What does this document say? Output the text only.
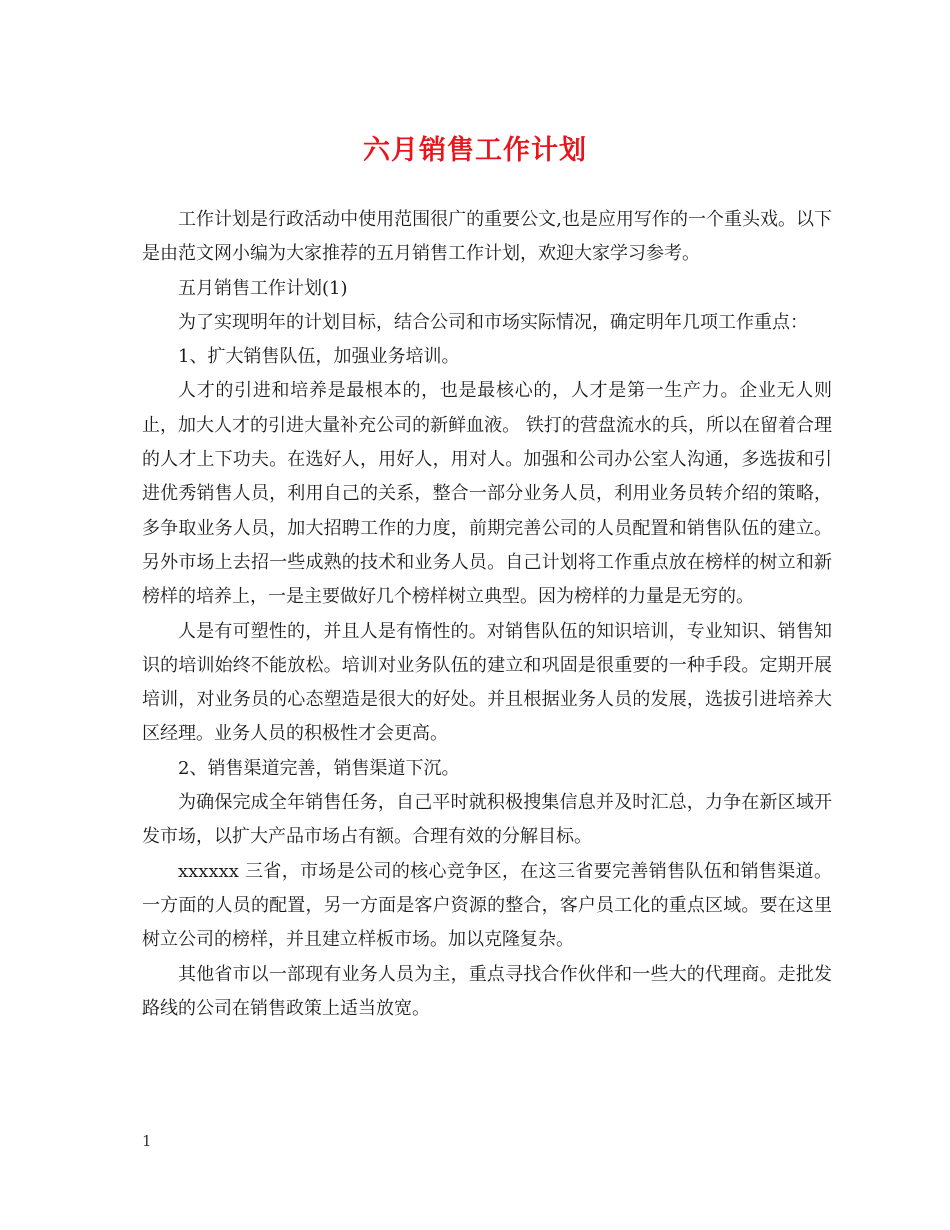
六月销售工作计划

工作计划是行政活动中使用范围很广的重要公文,也是应用写作的一个重头戏。以下是由范文网小编为大家推荐的五月销售工作计划，欢迎大家学习参考。

五月销售工作计划(1)

为了实现明年的计划目标，结合公司和市场实际情况，确定明年几项工作重点：

1、扩大销售队伍，加强业务培训。

人才的引进和培养是最根本的，也是最核心的，人才是第一生产力。企业无人则止，加大人才的引进大量补充公司的新鲜血液。 铁打的营盘流水的兵，所以在留着合理的人才上下功夫。在选好人，用好人，用对人。加强和公司办公室人沟通，多选拔和引进优秀销售人员，利用自己的关系，整合一部分业务人员，利用业务员转介绍的策略，多争取业务人员，加大招聘工作的力度，前期完善公司的人员配置和销售队伍的建立。另外市场上去招一些成熟的技术和业务人员。自己计划将工作重点放在榜样的树立和新榜样的培养上，一是主要做好几个榜样树立典型。因为榜样的力量是无穷的。

人是有可塑性的，并且人是有惰性的。对销售队伍的知识培训，专业知识、销售知识的培训始终不能放松。培训对业务队伍的建立和巩固是很重要的一种手段。定期开展培训，对业务员的心态塑造是很大的好处。并且根据业务人员的发展，选拔引进培养大区经理。业务人员的积极性才会更高。

2、销售渠道完善，销售渠道下沉。

为确保完成全年销售任务，自己平时就积极搜集信息并及时汇总，力争在新区域开发市场，以扩大产品市场占有额。合理有效的分解目标。

xxxxxx 三省，市场是公司的核心竞争区，在这三省要完善销售队伍和销售渠道。一方面的人员的配置，另一方面是客户资源的整合，客户员工化的重点区域。要在这里树立公司的榜样，并且建立样板市场。加以克隆复杂。

其他省市以一部现有业务人员为主，重点寻找合作伙伴和一些大的代理商。走批发路线的公司在销售政策上适当放宽。

1
